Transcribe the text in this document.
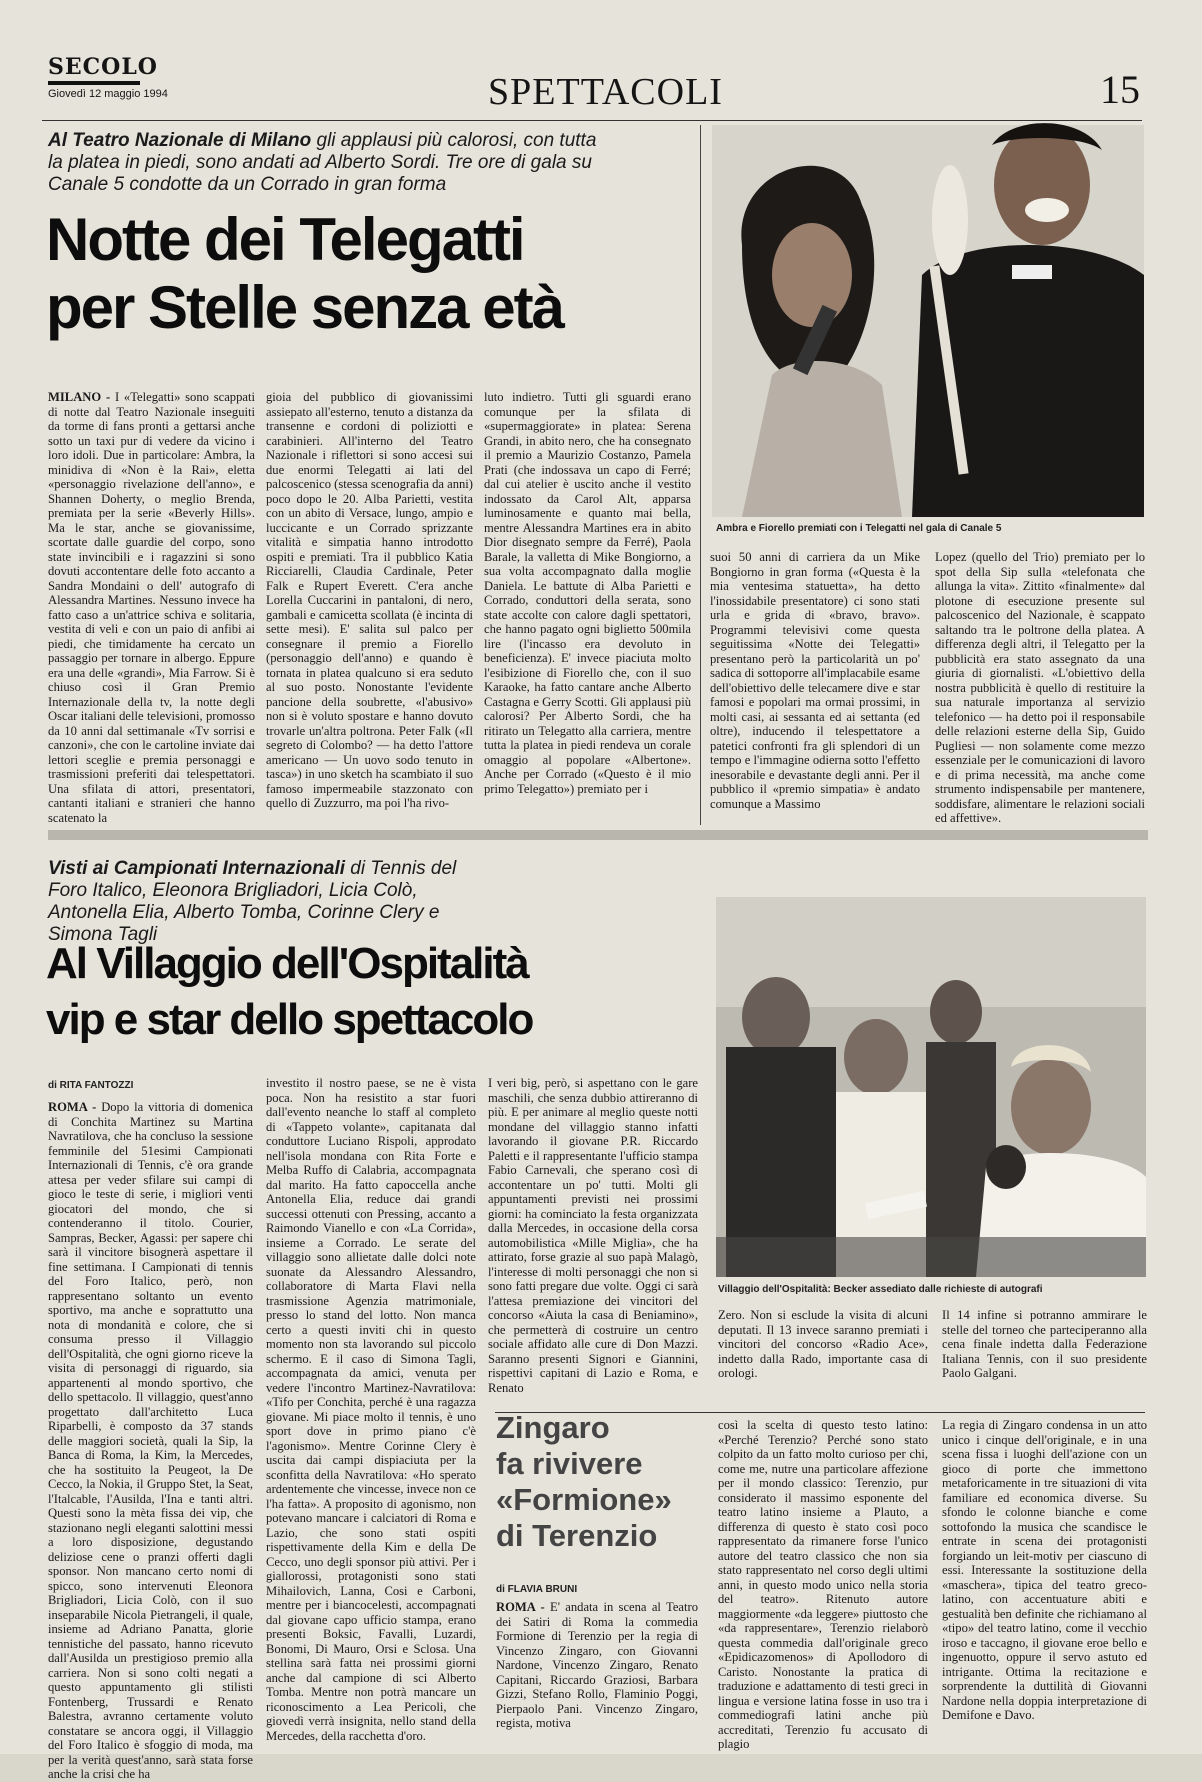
SECOLO
Giovedì 12 maggio 1994	SPETTACOLI	15
Al Teatro Nazionale di Milano gli applausi più calorosi, con tutta la platea in piedi, sono andati ad Alberto Sordi. Tre ore di gala su Canale 5 condotte da un Corrado in gran forma
Notte dei Telegatti
per Stelle senza età

MILANO - I «Telegatti» sono scappati di notte dal Teatro Nazionale inseguiti da torme di fans pronti a gettarsi anche sotto un taxi pur di vedere da vicino i loro idoli. Due in particolare: Ambra, la minidiva di «Non è la Rai», eletta «personaggio rivelazione dell'anno», e Shannen Doherty, o meglio Brenda, premiata per la serie «Beverly Hills». Ma le star, anche se giovanissime, scortate dalle guardie del corpo, sono state invincibili e i ragazzini si sono dovuti accontentare delle foto accanto a Sandra Mondaini o dell' autografo di Alessandra Martines. Nessuno invece ha fatto caso a un'attrice schiva e solitaria, vestita di veli e con un paio di anfibi ai piedi, che timidamente ha cercato un passaggio per tornare in albergo. Eppure era una delle «grandi», Mia Farrow. Si è chiuso così il Gran Premio Internazionale della tv, la notte degli Oscar italiani delle televisioni, promosso da 10 anni dal settimanale «Tv sorrisi e canzoni», che con le cartoline inviate dai lettori sceglie e premia personaggi e trasmissioni preferiti dai telespettatori. Una sfilata di attori, presentatori, cantanti italiani e stranieri che hanno scatenato la

gioia del pubblico di giovanissimi assiepato all'esterno, tenuto a distanza da transenne e cordoni di poliziotti e carabinieri. All'interno del Teatro Nazionale i riflettori si sono accesi sui due enormi Telegatti ai lati del palcoscenico (stessa scenografia da anni) poco dopo le 20. Alba Parietti, vestita con un abito di Versace, lungo, ampio e luccicante e un Corrado sprizzante vitalità e simpatia hanno introdotto ospiti e premiati. Tra il pubblico Katia Ricciarelli, Claudia Cardinale, Peter Falk e Rupert Everett. C'era anche Lorella Cuccarini in pantaloni, di nero, gambali e camicetta scollata (è incinta di sette mesi). E' salita sul palco per consegnare il premio a Fiorello (personaggio dell'anno) e quando è tornata in platea qualcuno si era seduto al suo posto. Nonostante l'evidente pancione della soubrette, «l'abusivo» non si è voluto spostare e hanno dovuto trovarle un'altra poltrona. Peter Falk («Il segreto di Colombo? — ha detto l'attore americano — Un uovo sodo tenuto in tasca») in uno sketch ha scambiato il suo famoso impermeabile stazzonato con quello di Zuzzurro, ma poi l'ha rivo-

luto indietro. Tutti gli sguardi erano comunque per la sfilata di «supermaggiorate» in platea: Serena Grandi, in abito nero, che ha consegnato il premio a Maurizio Costanzo, Pamela Prati (che indossava un capo di Ferré; dal cui atelier è uscito anche il vestito indossato da Carol Alt, apparsa luminosamente e quanto mai bella, mentre Alessandra Martines era in abito Dior disegnato sempre da Ferré), Paola Barale, la valletta di Mike Bongiorno, a sua volta accompagnato dalla moglie Daniela. Le battute di Alba Parietti e Corrado, conduttori della serata, sono state accolte con calore dagli spettatori, che hanno pagato ogni biglietto 500mila lire (l'incasso era devoluto in beneficienza). E' invece piaciuta molto l'esibizione di Fiorello che, con il suo Karaoke, ha fatto cantare anche Alberto Castagna e Gerry Scotti. Gli applausi più calorosi? Per Alberto Sordi, che ha ritirato un Telegatto alla carriera, mentre tutta la platea in piedi rendeva un corale omaggio al popolare «Albertone». Anche per Corrado («Questo è il mio primo Telegatto») premiato per i

suoi 50 anni di carriera da un Mike Bongiorno in gran forma («Questa è la mia ventesima statuetta», ha detto l'inossidabile presentatore) ci sono stati urla e grida di «bravo, bravo». Programmi televisivi come questa seguitissima «Notte dei Telegatti» presentano però la particolarità un po' sadica di sottoporre all'implacabile esame dell'obiettivo delle telecamere dive e star famosi e popolari ma ormai prossimi, in molti casi, ai sessanta ed ai settanta (ed oltre), inducendo il telespettatore a patetici confronti fra gli splendori di un tempo e l'immagine odierna sotto l'effetto inesorabile e devastante degli anni. Per il pubblico il «premio simpatia» è andato comunque a Massimo

Lopez (quello del Trio) premiato per lo spot della Sip sulla «telefonata che allunga la vita». Zittito «finalmente» dal plotone di esecuzione presente sul palcoscenico del Nazionale, è scappato saltando tra le poltrone della platea. A differenza degli altri, il Telegatto per la pubblicità era stato assegnato da una giuria di giornalisti. «L'obiettivo della nostra pubblicità è quello di restituire la sua naturale importanza al servizio telefonico — ha detto poi il responsabile delle relazioni esterne della Sip, Guido Pugliesi — non solamente come mezzo essenziale per le comunicazioni di lavoro e di prima necessità, ma anche come strumento indispensabile per mantenere, soddisfare, alimentare le relazioni sociali ed affettive».

Ambra e Fiorello premiati con i Telegatti nel gala di Canale 5
Visti ai Campionati Internazionali di Tennis del Foro Italico, Eleonora Brigliadori, Licia Colò, Antonella Elia, Alberto Tomba, Corinne Clery e Simona Tagli
Al Villaggio dell'Ospitalità
vip e star dello spettacolo
di RITA FANTOZZI

ROMA - Dopo la vittoria di domenica di Conchita Martinez su Martina Navratilova, che ha concluso la sessione femminile del 51esimi Campionati Internazionali di Tennis, c'è ora grande attesa per veder sfilare sui campi di gioco le teste di serie, i migliori venti giocatori del mondo, che si contenderanno il titolo. Courier, Sampras, Becker, Agassi: per sapere chi sarà il vincitore bisognerà aspettare il fine settimana. I Campionati di tennis del Foro Italico, però, non rappresentano soltanto un evento sportivo, ma anche e soprattutto una nota di mondanità e colore, che si consuma presso il Villaggio dell'Ospitalità, che ogni giorno riceve la visita di personaggi di riguardo, sia appartenenti al mondo sportivo, che dello spettacolo. Il villaggio, quest'anno progettato dall'architetto Luca Riparbelli, è composto da 37 stands delle maggiori società, quali la Sip, la Banca di Roma, la Kim, la Mercedes, che ha sostituito la Peugeot, la De Cecco, la Nokia, il Gruppo Stet, la Seat, l'Italcable, l'Ausilda, l'Ina e tanti altri. Questi sono la mèta fissa dei vip, che stazionano negli eleganti salottini messi a loro disposizione, degustando deliziose cene o pranzi offerti dagli sponsor. Non mancano certo nomi di spicco, sono intervenuti Eleonora Brigliadori, Licia Colò, con il suo inseparabile Nicola Pietrangeli, il quale, insieme ad Adriano Panatta, glorie tennistiche del passato, hanno ricevuto dall'Ausilda un prestigioso premio alla carriera. Non si sono colti negati a questo appuntamento gli stilisti Fontenberg, Trussardi e Renato Balestra, avranno certamente voluto constatare se ancora oggi, il Villaggio del Foro Italico è sfoggio di moda, ma per la verità quest'anno, sarà stata forse anche la crisi che ha

investito il nostro paese, se ne è vista poca. Non ha resistito a star fuori dall'evento neanche lo staff al completo di «Tappeto volante», capitanata dal conduttore Luciano Rispoli, approdato nell'isola mondana con Rita Forte e Melba Ruffo di Calabria, accompagnata dal marito. Ha fatto capoccella anche Antonella Elia, reduce dai grandi successi ottenuti con Pressing, accanto a Raimondo Vianello e con «La Corrida», insieme a Corrado. Le serate del villaggio sono allietate dalle dolci note suonate da Alessandro Alessandro, collaboratore di Marta Flavi nella trasmissione Agenzia matrimoniale, presso lo stand del lotto. Non manca certo a questi inviti chi in questo momento non sta lavorando sul piccolo schermo. E il caso di Simona Tagli, accompagnata da amici, venuta per vedere l'incontro Martinez-Navratilova: «Tifo per Conchita, perché è una ragazza giovane. Mi piace molto il tennis, è uno sport dove in primo piano c'è l'agonismo». Mentre Corinne Clery è uscita dai campi dispiaciuta per la sconfitta della Navratilova: «Ho sperato ardentemente che vincesse, invece non ce l'ha fatta». A proposito di agonismo, non potevano mancare i calciatori di Roma e Lazio, che sono stati ospiti rispettivamente della Kim e della De Cecco, uno degli sponsor più attivi. Per i giallorossi, protagonisti sono stati Mihailovich, Lanna, Cosi e Carboni, mentre per i biancocelesti, accompagnati dal giovane capo ufficio stampa, erano presenti Boksic, Favalli, Luzardi, Bonomi, Di Mauro, Orsi e Sclosa. Una stellina sarà fatta nei prossimi giorni anche dal campione di sci Alberto Tomba. Mentre non potrà mancare un riconoscimento a Lea Pericoli, che giovedì verrà insignita, nello stand della Mercedes, della racchetta d'oro.

I veri big, però, si aspettano con le gare maschili, che senza dubbio attireranno di più. E per animare al meglio queste notti mondane del villaggio stanno infatti lavorando il giovane P.R. Riccardo Paletti e il rappresentante l'ufficio stampa Fabio Carnevali, che sperano così di accontentare un po' tutti. Molti gli appuntamenti previsti nei prossimi giorni: ha cominciato la festa organizzata dalla Mercedes, in occasione della corsa automobilistica «Mille Miglia», che ha attirato, forse grazie al suo papà Malagò, l'interesse di molti personaggi che non si sono fatti pregare due volte. Oggi ci sarà l'attesa premiazione dei vincitori del concorso «Aiuta la casa di Beniamino», che permetterà di costruire un centro sociale affidato alle cure di Don Mazzi. Saranno presenti Signori e Giannini, rispettivi capitani di Lazio e Roma, e Renato

Zero. Non si esclude la visita di alcuni deputati. Il 13 invece saranno premiati i vincitori del concorso «Radio Ace», indetto dalla Rado, importante casa di orologi.

Il 14 infine si potranno ammirare le stelle del torneo che parteciperanno alla cena finale indetta dalla Federazione Italiana Tennis, con il suo presidente Paolo Galgani.

Villaggio dell'Ospitalità: Becker assediato dalle richieste di autografi
Zingaro
fa rivivere
«Formione»
di Terenzio
di FLAVIA BRUNI

ROMA - E' andata in scena al Teatro dei Satiri di Roma la commedia Formione di Terenzio per la regia di Vincenzo Zingaro, con Giovanni Nardone, Vincenzo Zingaro, Renato Capitani, Riccardo Graziosi, Barbara Gizzi, Stefano Rollo, Flaminio Poggi, Pierpaolo Pani. Vincenzo Zingaro, regista, motiva

così la scelta di questo testo latino: «Perché Terenzio? Perché sono stato colpito da un fatto molto curioso per chi, come me, nutre una particolare affezione per il mondo classico: Terenzio, pur considerato il massimo esponente del teatro latino insieme a Plauto, a differenza di questo è stato così poco rappresentato da rimanere forse l'unico autore del teatro classico che non sia stato rappresentato nel corso degli ultimi anni, in questo modo unico nella storia del teatro». Ritenuto autore maggiormente «da leggere» piuttosto che «da rappresentare», Terenzio rielaborò questa commedia dall'originale greco «Epidicazomenos» di Apollodoro di Caristo. Nonostante la pratica di traduzione e adattamento di testi greci in lingua e versione latina fosse in uso tra i commediografi latini anche più accreditati, Terenzio fu accusato di plagio

La regia di Zingaro condensa in un atto unico i cinque dell'originale, e in una scena fissa i luoghi dell'azione con un gioco di porte che immettono metaforicamente in tre situazioni di vita familiare ed economica diverse. Su sfondo le colonne bianche e come sottofondo la musica che scandisce le entrate in scena dei protagonisti forgiando un leit-motiv per ciascuno di essi. Interessante la sostituzione della «maschera», tipica del teatro greco-latino, con accentuature abiti e gestualità ben definite che richiamano al «tipo» del teatro latino, come il vecchio iroso e taccagno, il giovane eroe bello e ingenuotto, oppure il servo astuto ed intrigante. Ottima la recitazione e sorprendente la duttilità di Giovanni Nardone nella doppia interpretazione di Demifone e Davo.
